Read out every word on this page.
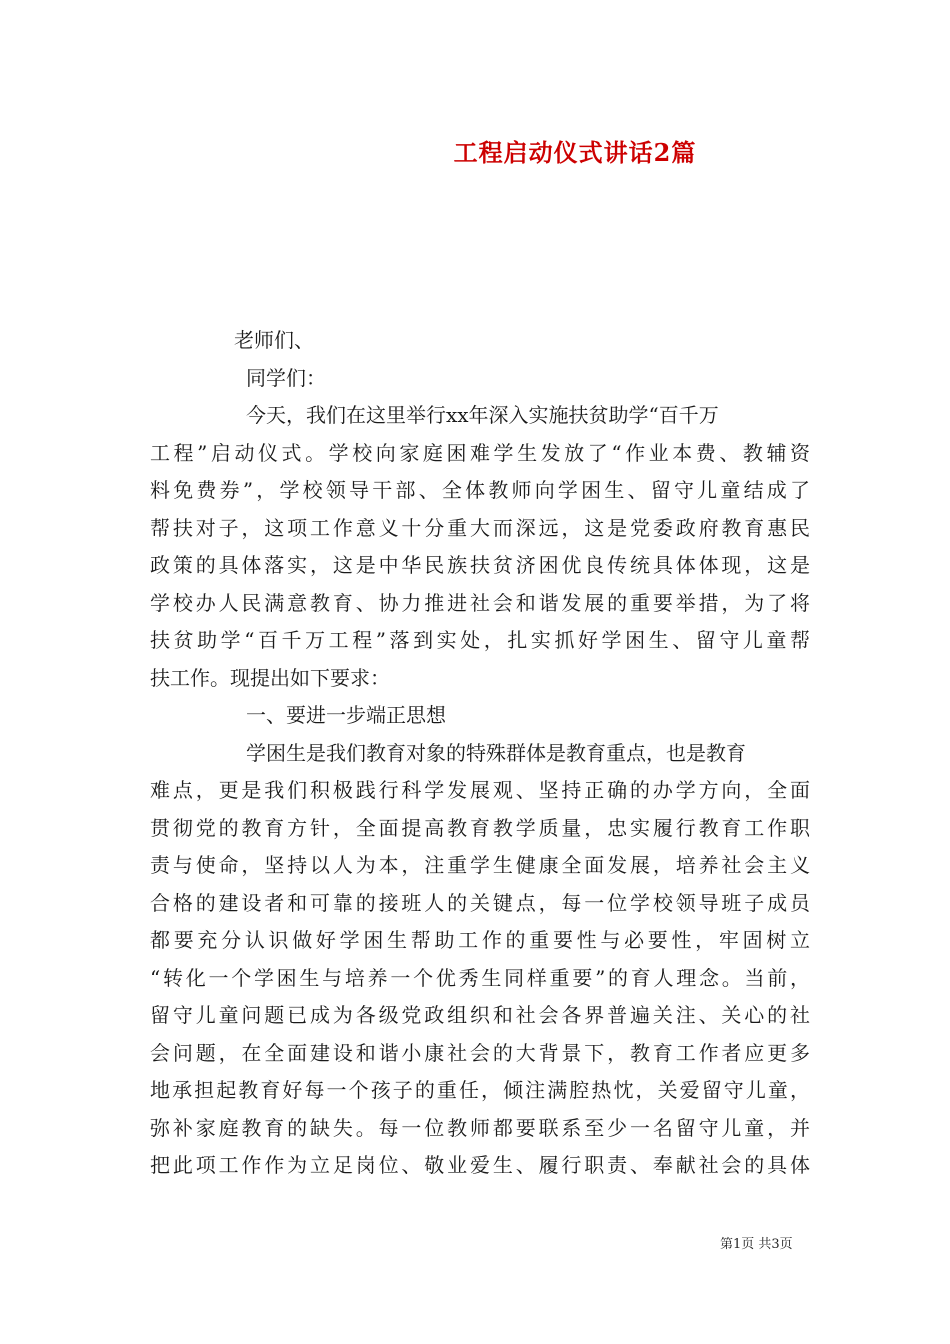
工程启动仪式讲话2篇
老师们、
同学们：
今天，我们在这里举行xx年深入实施扶贫助学“百千万
工程”启动仪式。学校向家庭困难学生发放了“作业本费、教辅资
料免费券”，学校领导干部、全体教师向学困生、留守儿童结成了
帮扶对子，这项工作意义十分重大而深远，这是党委政府教育惠民
政策的具体落实，这是中华民族扶贫济困优良传统具体体现，这是
学校办人民满意教育、协力推进社会和谐发展的重要举措，为了将
扶贫助学“百千万工程”落到实处，扎实抓好学困生、留守儿童帮
扶工作。现提出如下要求：
一、要进一步端正思想
学困生是我们教育对象的特殊群体是教育重点，也是教育
难点，更是我们积极践行科学发展观、坚持正确的办学方向，全面
贯彻党的教育方针，全面提高教育教学质量，忠实履行教育工作职
责与使命，坚持以人为本，注重学生健康全面发展，培养社会主义
合格的建设者和可靠的接班人的关键点，每一位学校领导班子成员
都要充分认识做好学困生帮助工作的重要性与必要性，牢固树立
“转化一个学困生与培养一个优秀生同样重要”的育人理念。当前，
留守儿童问题已成为各级党政组织和社会各界普遍关注、关心的社
会问题，在全面建设和谐小康社会的大背景下，教育工作者应更多
地承担起教育好每一个孩子的重任，倾注满腔热忱，关爱留守儿童，
弥补家庭教育的缺失。每一位教师都要联系至少一名留守儿童，并
把此项工作作为立足岗位、敬业爱生、履行职责、奉献社会的具体
第1页 共3页
